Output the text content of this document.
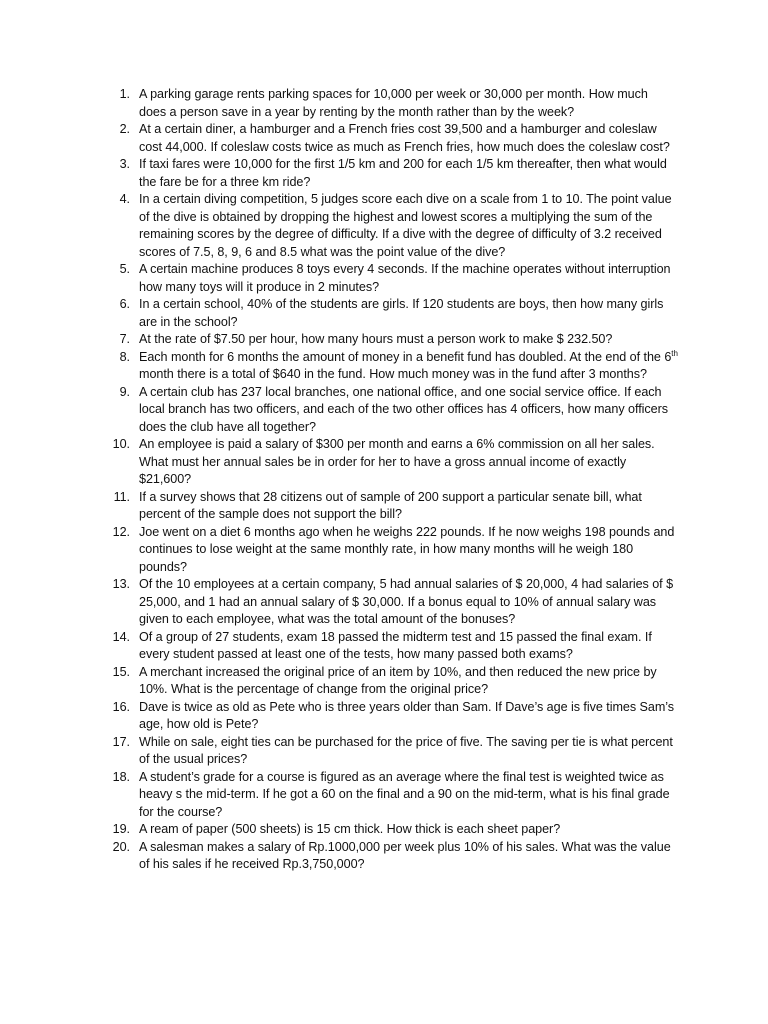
1. A parking garage rents parking spaces for 10,000 per week or 30,000 per month. How much does a person save in a year by renting by the month rather than by the week?
2. At a certain diner, a hamburger and a French fries cost 39,500 and a hamburger and coleslaw cost 44,000. If coleslaw costs twice as much as French fries, how much does the coleslaw cost?
3. If taxi fares were 10,000 for the first 1/5 km and 200 for each 1/5 km thereafter, then what would the fare be for a three km ride?
4. In a certain diving competition, 5 judges score each dive on a scale from 1 to 10. The point value of the dive is obtained by dropping the highest and lowest scores a multiplying the sum of the remaining scores by the degree of difficulty. If a dive with the degree of difficulty of 3.2 received scores of 7.5, 8, 9, 6 and 8.5 what was the point value of the dive?
5. A certain machine produces 8 toys every 4 seconds. If the machine operates without interruption how many toys will it produce in 2 minutes?
6. In a certain school, 40% of the students are girls. If 120 students are boys, then how many girls are in the school?
7. At the rate of $7.50 per hour, how many hours must a person work to make $ 232.50?
8. Each month for 6 months the amount of money in a benefit fund has doubled. At the end of the 6th month there is a total of $640 in the fund. How much money was in the fund after 3 months?
9. A certain club has 237 local branches, one national office, and one social service office. If each local branch has two officers, and each of the two other offices has 4 officers, how many officers does the club have all together?
10. An employee is paid a salary of $300 per month and earns a 6% commission on all her sales. What must her annual sales be in order for her to have a gross annual income of exactly $21,600?
11. If a survey shows that 28 citizens out of sample of 200 support a particular senate bill, what percent of the sample does not support the bill?
12. Joe went on a diet 6 months ago when he weighs 222 pounds. If he now weighs 198 pounds and continues to lose weight at the same monthly rate, in how many months will he weigh 180 pounds?
13. Of the 10 employees at a certain company, 5 had annual salaries of $ 20,000, 4 had salaries of $ 25,000, and 1 had an annual salary of $ 30,000. If a bonus equal to 10% of annual salary was given to each employee, what was the total amount of the bonuses?
14. Of a group of 27 students, exam 18 passed the midterm test and 15 passed the final exam. If every student passed at least one of the tests, how many passed both exams?
15. A merchant increased the original price of an item by 10%, and then reduced the new price by 10%. What is the percentage of change from the original price?
16. Dave is twice as old as Pete who is three years older than Sam. If Dave’s age is five times Sam’s age, how old is Pete?
17. While on sale, eight ties can be purchased for the price of five. The saving per tie is what percent of the usual prices?
18. A student’s grade for a course is figured as an average where the final test is weighted twice as heavy s the mid-term. If he got a 60 on the final and a 90 on the mid-term, what is his final grade for the course?
19. A ream of paper (500 sheets) is 15 cm thick. How thick is each sheet paper?
20. A salesman makes a salary of Rp.1000,000 per week plus 10% of his sales. What was the value of his sales if he received Rp.3,750,000?
